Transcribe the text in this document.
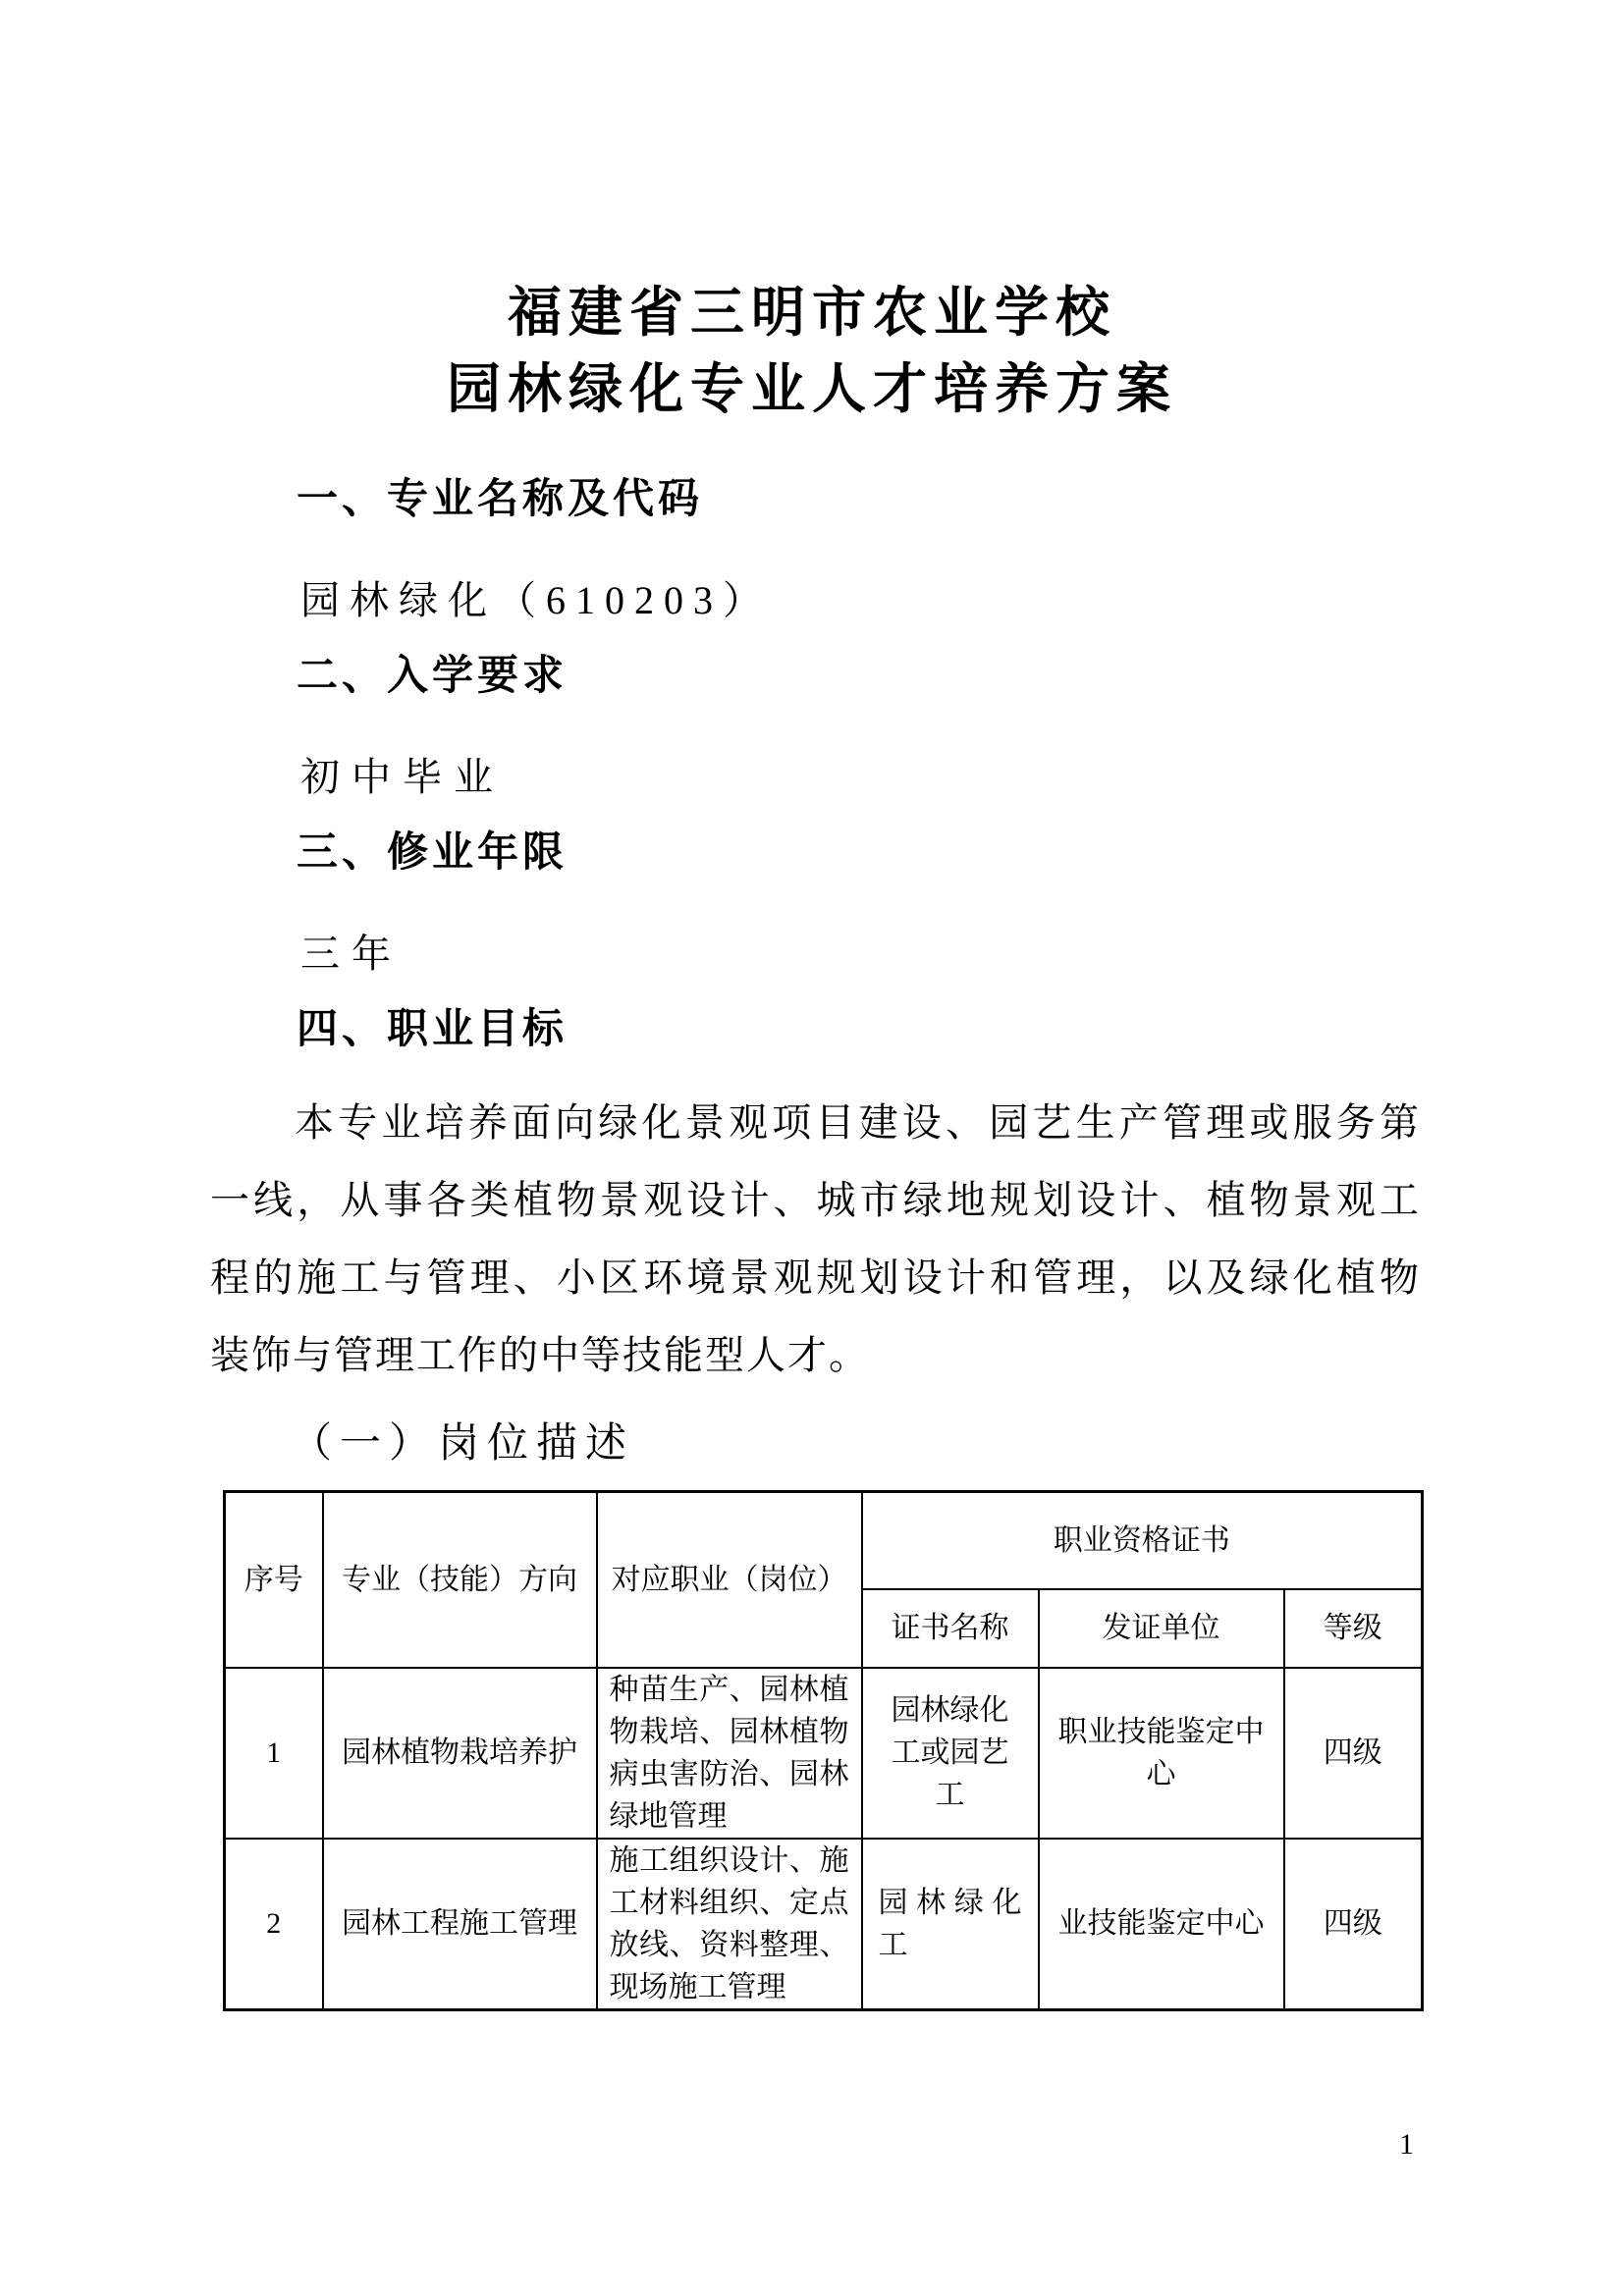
福建省三明市农业学校
园林绿化专业人才培养方案
一、专业名称及代码
园林绿化（610203）
二、入学要求
初中毕业
三、修业年限
三年
四、职业目标
本专业培养面向绿化景观项目建设、园艺生产管理或服务第
一线，从事各类植物景观设计、城市绿地规划设计、植物景观工
程的施工与管理、小区环境景观规划设计和管理，以及绿化植物
装饰与管理工作的中等技能型人才。
（一）岗位描述
序号	专业（技能）方向	对应职业（岗位）	职业资格证书		
			证书名称	发证单位	等级
1	园林植物栽培养护	种苗生产、园林植物栽培、园林植物病虫害防治、园林绿地管理	园林绿化工或园艺工	职业技能鉴定中心	四级
2	园林工程施工管理	施工组织设计、施工材料组织、定点放线、资料整理、现场施工管理	园 林 绿 化 工	业技能鉴定中心	四级
1
